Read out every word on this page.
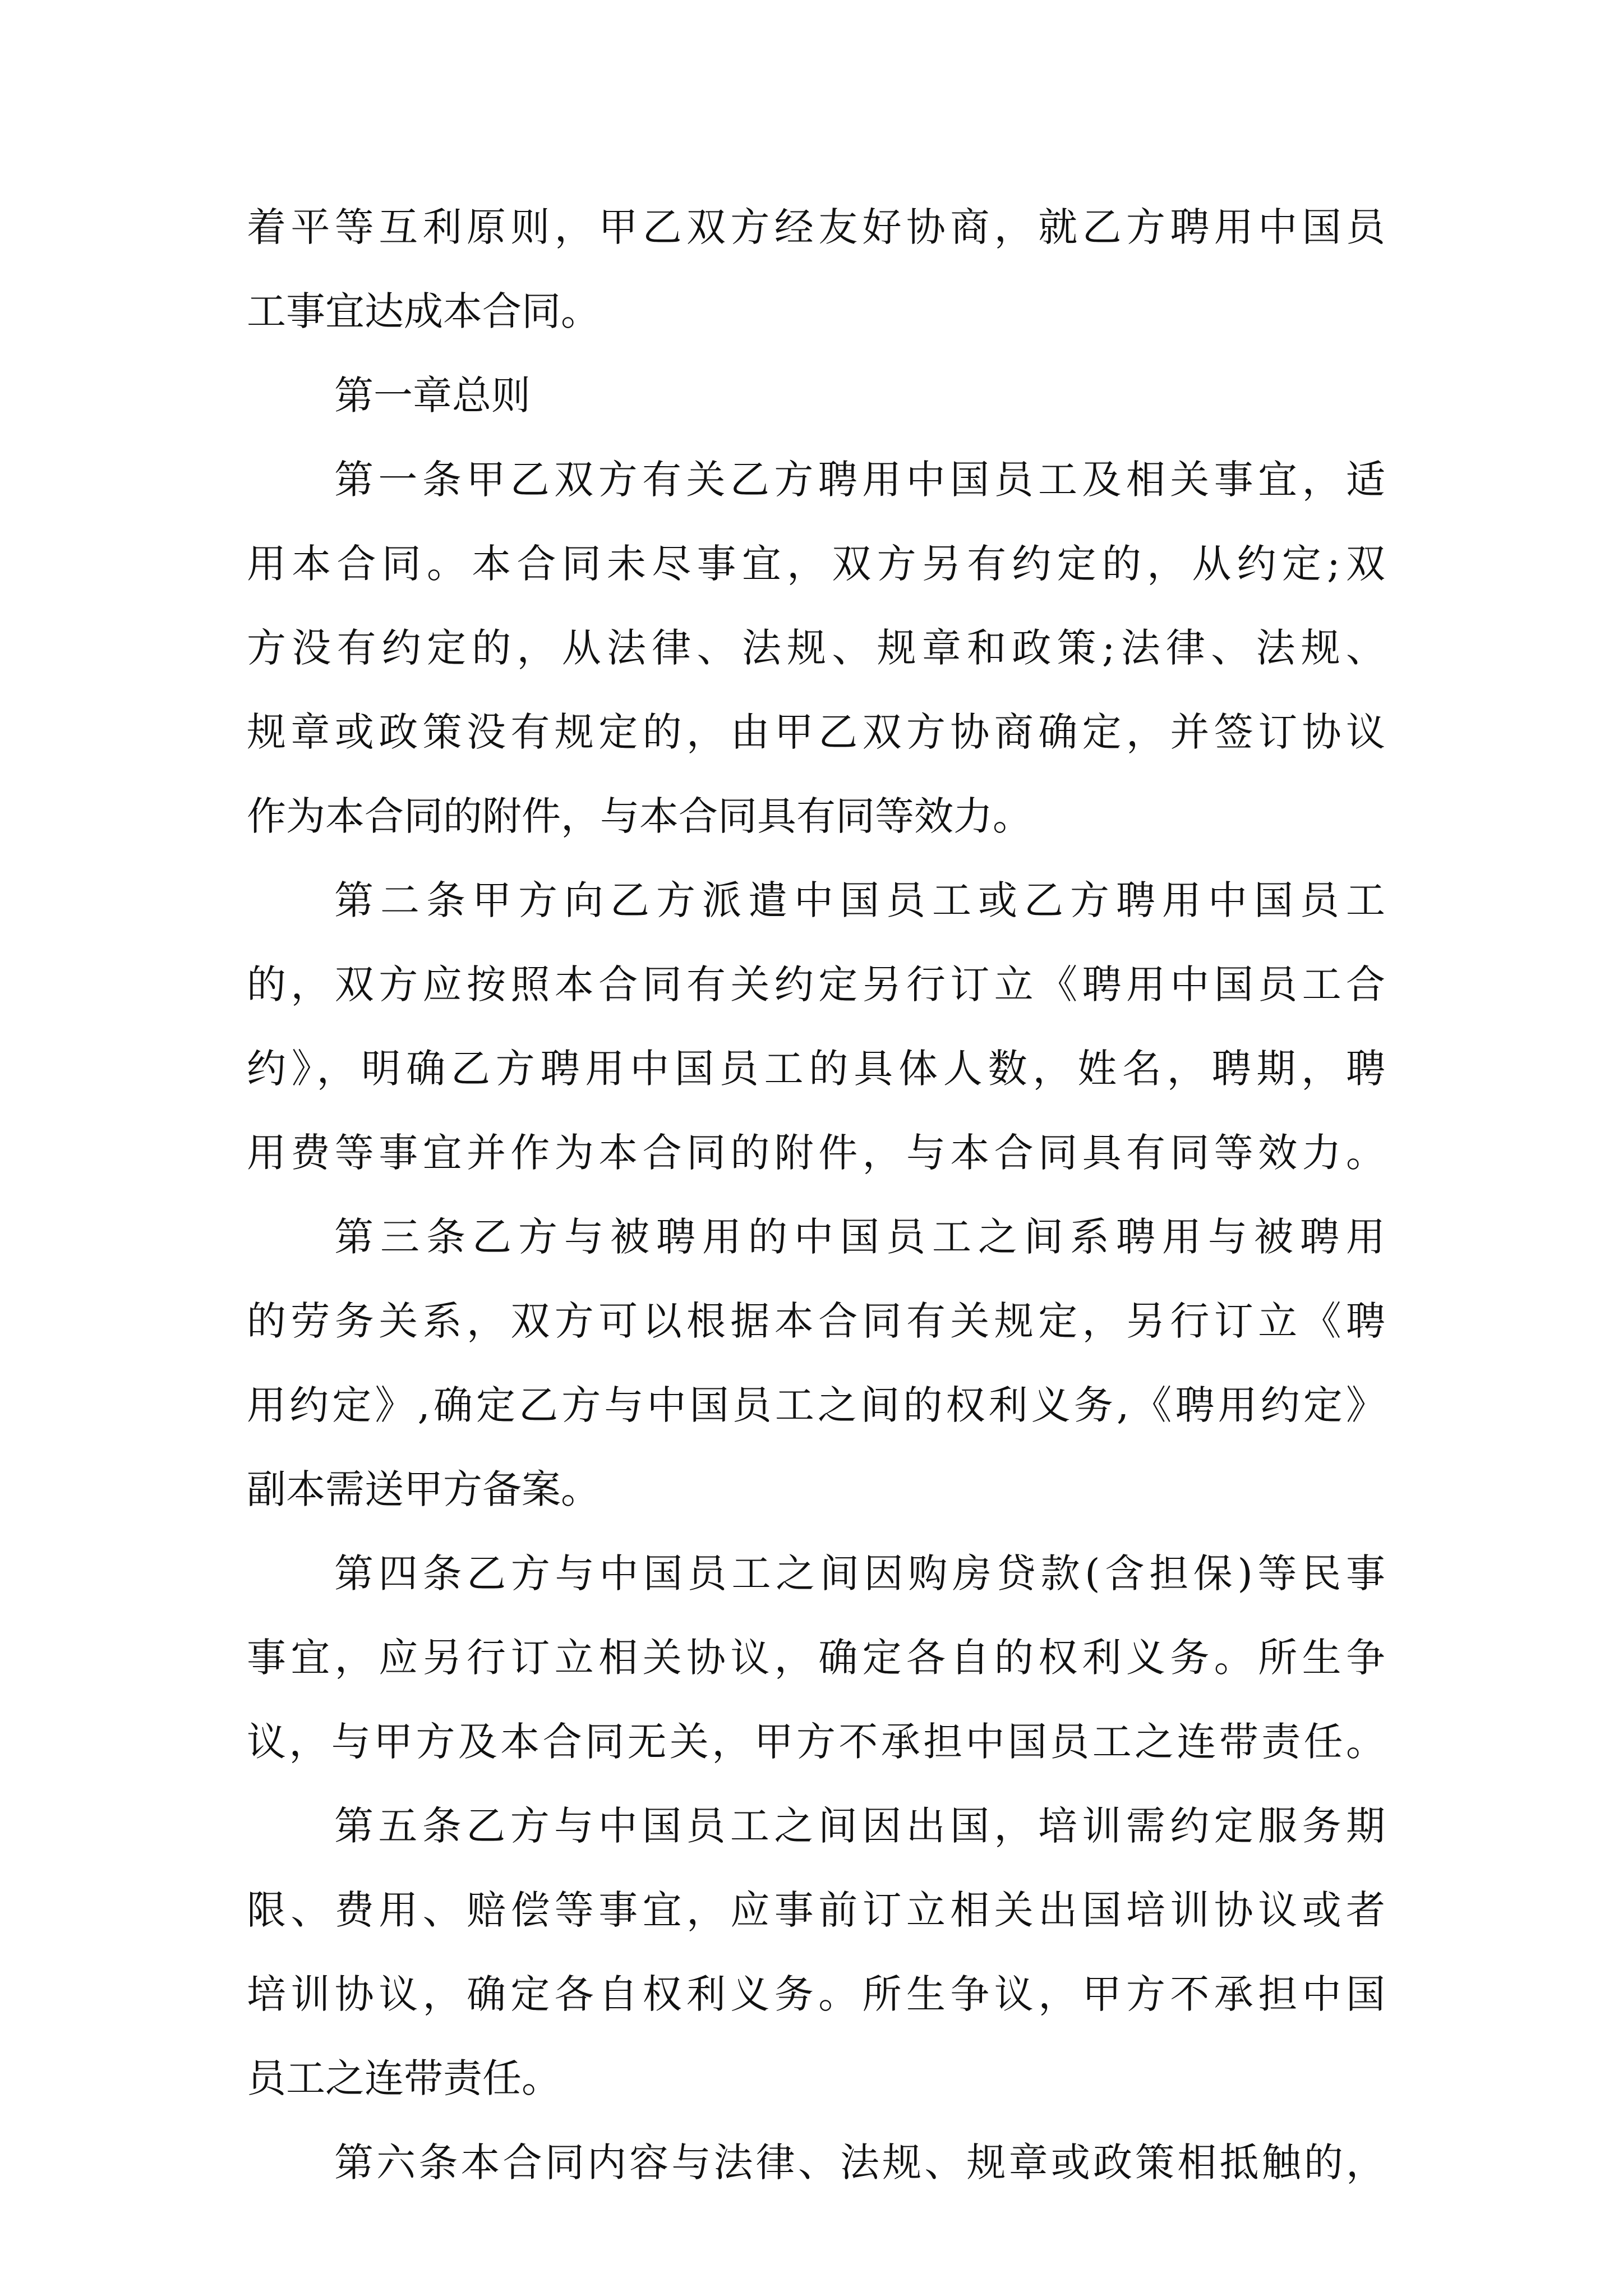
着平等互利原则，甲乙双方经友好协商，就乙方聘用中国员
工事宜达成本合同。
第一章总则
第一条甲乙双方有关乙方聘用中国员工及相关事宜，适
用本合同。本合同未尽事宜，双方另有约定的，从约定;双
方没有约定的，从法律、法规、规章和政策;法律、法规、
规章或政策没有规定的，由甲乙双方协商确定，并签订协议
作为本合同的附件，与本合同具有同等效力。
第二条甲方向乙方派遣中国员工或乙方聘用中国员工
的，双方应按照本合同有关约定另行订立《聘用中国员工合
约》，明确乙方聘用中国员工的具体人数，姓名，聘期，聘
用费等事宜并作为本合同的附件，与本合同具有同等效力。
第三条乙方与被聘用的中国员工之间系聘用与被聘用
的劳务关系，双方可以根据本合同有关规定，另行订立《聘
用约定》,确定乙方与中国员工之间的权利义务,《聘用约定》
副本需送甲方备案。
第四条乙方与中国员工之间因购房贷款(含担保)等民事
事宜，应另行订立相关协议，确定各自的权利义务。所生争
议，与甲方及本合同无关，甲方不承担中国员工之连带责任。
第五条乙方与中国员工之间因出国，培训需约定服务期
限、费用、赔偿等事宜，应事前订立相关出国培训协议或者
培训协议，确定各自权利义务。所生争议，甲方不承担中国
员工之连带责任。
第六条本合同内容与法律、法规、规章或政策相抵触的，
